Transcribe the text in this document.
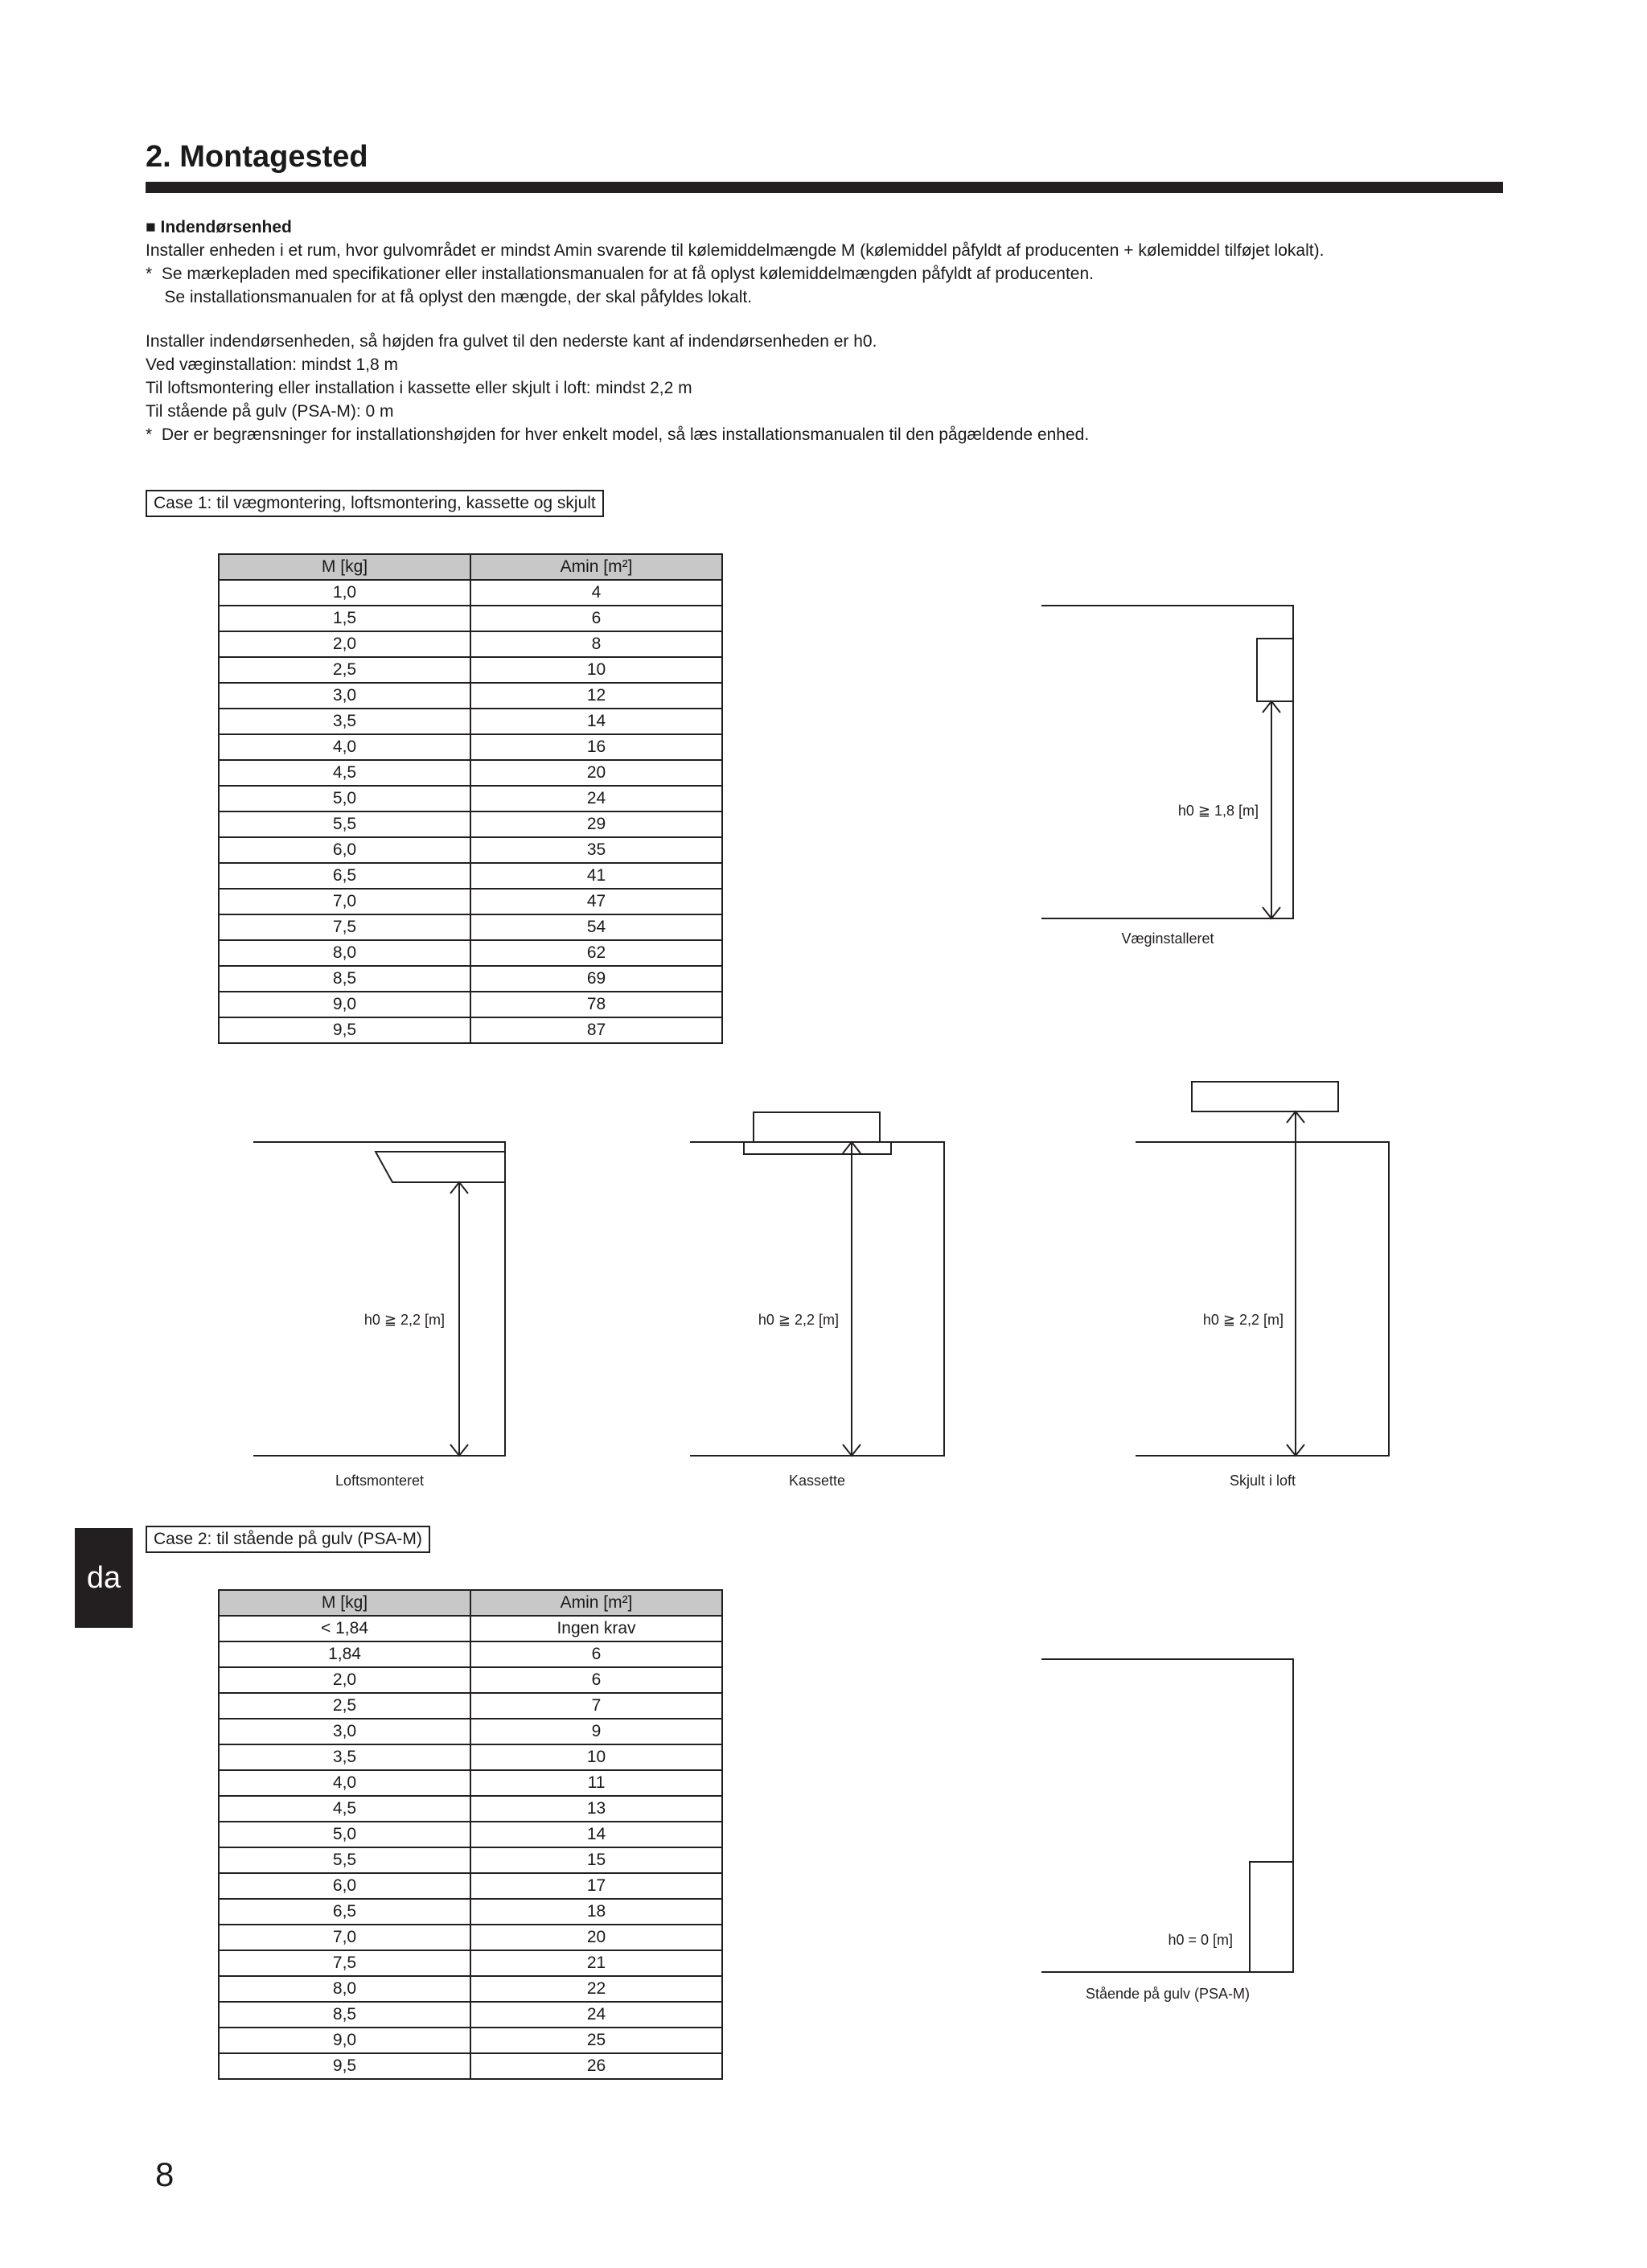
2. Montagested

■ Indendørsenhed

Installer enheden i et rum, hvor gulvområdet er mindst Amin svarende til kølemiddelmængde M (kølemiddel påfyldt af producenten + kølemiddel tilføjet lokalt).

*  Se mærkepladen med specifikationer eller installationsmanualen for at få oplyst kølemiddelmængden påfyldt af producenten.

Se installationsmanualen for at få oplyst den mængde, der skal påfyldes lokalt.

Installer indendørsenheden, så højden fra gulvet til den nederste kant af indendørsenheden er h0.

Ved væginstallation: mindst 1,8 m

Til loftsmontering eller installation i kassette eller skjult i loft: mindst 2,2 m

Til stående på gulv (PSA-M): 0 m

*  Der er begrænsninger for installationshøjden for hver enkelt model, så læs installationsmanualen til den pågældende enhed.

Case 1: til vægmontering, loftsmontering, kassette og skjult
M [kg]	Amin [m²]
1,0	4
1,5	6
2,0	8
2,5	10
3,0	12
3,5	14
4,0	16
4,5	20
5,0	24
5,5	29
6,0	35
6,5	41
7,0	47
7,5	54
8,0	62
8,5	69
9,0	78
9,5	87
h0 ≧ 1,8 [m]
Væginstalleret
h0 ≧ 2,2 [m]
Loftsmonteret
h0 ≧ 2,2 [m]
Kassette
h0 ≧ 2,2 [m]
Skjult i loft
da
Case 2: til stående på gulv (PSA-M)
M [kg]	Amin [m²]
< 1,84	Ingen krav
1,84	6
2,0	6
2,5	7
3,0	9
3,5	10
4,0	11
4,5	13
5,0	14
5,5	15
6,0	17
6,5	18
7,0	20
7,5	21
8,0	22
8,5	24
9,0	25
9,5	26
h0 = 0 [m]
Stående på gulv (PSA-M)
8
